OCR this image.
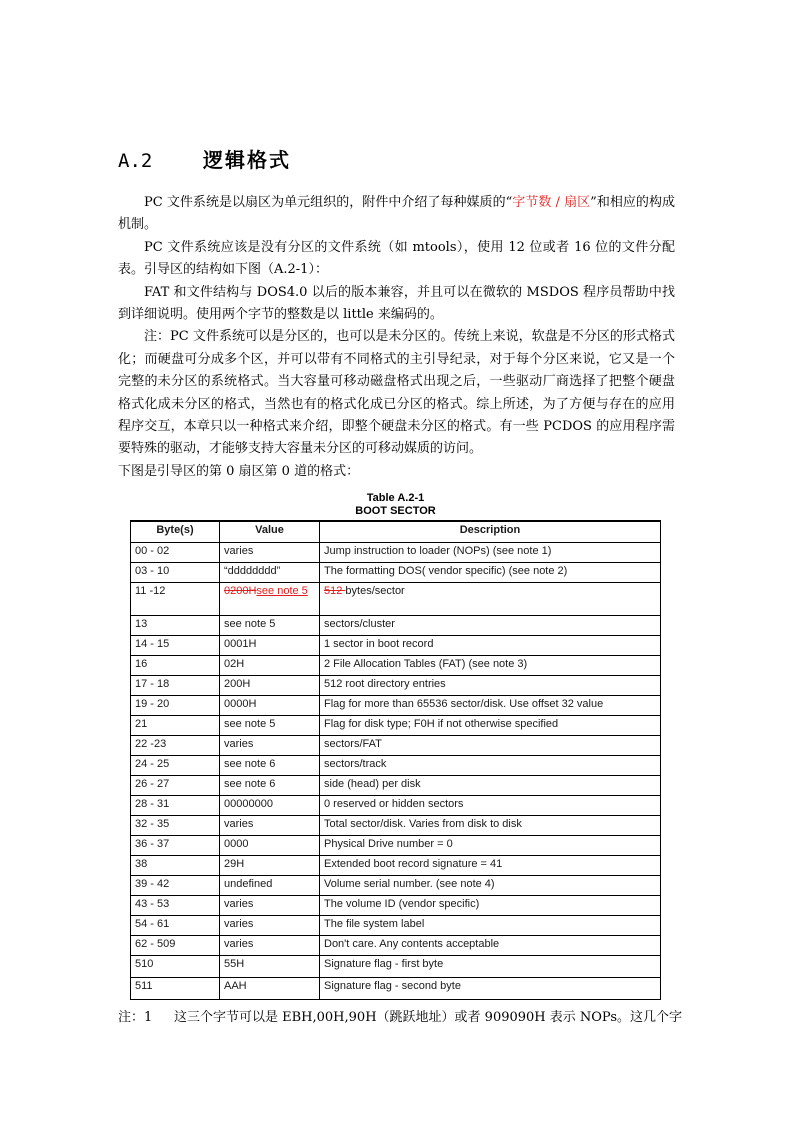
A.2	逻辑格式

PC 文件系统是以扇区为单元组织的，附件中介绍了每种媒质的“字节数 / 扇区”和相应的构成机制。

PC 文件系统应该是没有分区的文件系统（如 mtools），使用 12 位或者 16 位的文件分配表。引导区的结构如下图（A.2-1）：

FAT 和文件结构与 DOS4.0 以后的版本兼容，并且可以在微软的 MSDOS 程序员帮助中找到详细说明。使用两个字节的整数是以 little 来编码的。

注：PC 文件系统可以是分区的，也可以是未分区的。传统上来说，软盘是不分区的形式格式化；而硬盘可分成多个区，并可以带有不同格式的主引导纪录，对于每个分区来说，它又是一个完整的未分区的系统格式。当大容量可移动磁盘格式出现之后，一些驱动厂商选择了把整个硬盘格式化成未分区的格式，当然也有的格式化成已分区的格式。综上所述，为了方便与存在的应用程序交互，本章只以一种格式来介绍，即整个硬盘未分区的格式。有一些 PCDOS 的应用程序需要特殊的驱动，才能够支持大容量未分区的可移动媒质的访问。

下图是引导区的第 0 扇区第 0 道的格式：

Table A.2-1
BOOT SECTOR
Byte(s)	Value	Description
00 - 02	varies	Jump instruction to loader (NOPs) (see note 1)
03 - 10	“dddddddd”	The formatting DOS( vendor specific) (see note 2)
11 -12	0200Hsee note 5	512 bytes/sector
13	see note 5	sectors/cluster
14 - 15	0001H	1 sector in boot record
16	02H	2 File Allocation Tables (FAT) (see note 3)
17 - 18	200H	512 root directory entries
19 - 20	0000H	Flag for more than 65536 sector/disk. Use offset 32 value
21	see note 5	Flag for disk type; F0H if not otherwise specified
22 -23	varies	sectors/FAT
24 - 25	see note 6	sectors/track
26 - 27	see note 6	side (head) per disk
28 - 31	00000000	0 reserved or hidden sectors
32 - 35	varies	Total sector/disk. Varies from disk to disk
36 - 37	0000	Physical Drive number = 0
38	29H	Extended boot record signature = 41
39 - 42	undefined	Volume serial number. (see note 4)
43 - 53	varies	The volume ID (vendor specific)
54 - 61	varies	The file system label
62 - 509	varies	Don't care. Any contents acceptable
510	55H	Signature flag - first byte
511	AAH	Signature flag - second byte
注：1 这三个字节可以是 EBH,00H,90H（跳跃地址）或者 909090H 表示 NOPs。这几个字
